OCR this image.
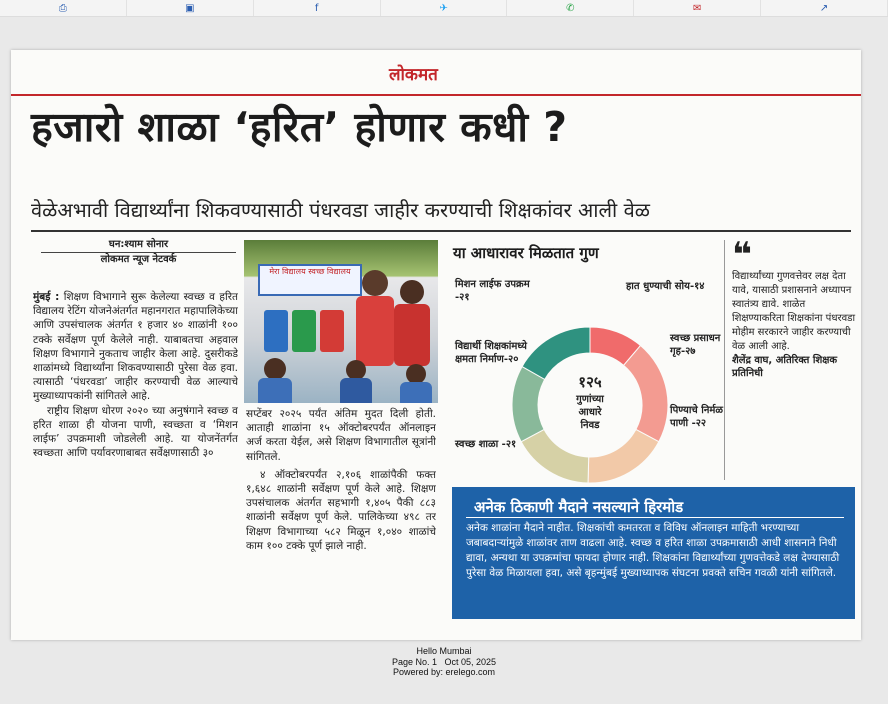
⎙	▣	f	✈	✆	✉	↗
लोकमत
हजारो शाळा ‘हरित’ होणार कधी ?
वेळेअभावी विद्यार्थ्यांना शिकवण्यासाठी पंधरवडा जाहीर करण्याची शिक्षकांवर आली वेळ
घन:श्याम सोनार
लोकमत न्यूज नेटवर्क

मुंबई : शिक्षण विभागाने सुरू केलेल्या स्वच्छ व हरित विद्यालय रेटिंग योजनेअंतर्गत महानगरात महापालिकेच्या आणि उपसंचालक अंतर्गत १ हजार ४० शाळांनी १०० टक्के सर्वेक्षण पूर्ण केलेले नाही. याबाबतचा अहवाल शिक्षण विभागाने नुकताच जाहीर केला आहे. दुसरीकडे शाळांमध्ये विद्यार्थ्यांना शिकवण्यासाठी पुरेसा वेळ हवा. त्यासाठी ‘पंधरवडा’ जाहीर करण्याची वेळ आल्याचे मुख्याध्यापकांनी सांगितले आहे.

राष्ट्रीय शिक्षण धोरण २०२० च्या अनुषंगाने स्वच्छ व हरित शाळा ही योजना पाणी, स्वच्छता व ‘मिशन लाईफ’ उपक्रमाशी जोडलेली आहे. या योजनेंतर्गत स्वच्छता आणि पर्यावरणाबाबत सर्वेक्षणासाठी ३०

मेरा विद्यालय स्वच्छ विद्यालय

सप्टेंबर २०२५ पर्यंत अंतिम मुदत दिली होती. आताही शाळांना १५ ऑक्टोबरपर्यंत ऑनलाइन अर्ज करता येईल, असे शिक्षण विभागातील सूत्रांनी सांगितले.

४ ऑक्टोबरपर्यंत २,१०६ शाळांपैकी फक्त १,६४८ शाळांनी सर्वेक्षण पूर्ण केले आहे. शिक्षण उपसंचालक अंतर्गत सहभागी १,४०५ पैकी ८८३ शाळांनी सर्वेक्षण पूर्ण केले. पालिकेच्या ४९८ तर शिक्षण विभागाच्या ५८२ मिळून १,०४० शाळांचे काम १०० टक्के पूर्ण झाले नाही.

या आधारावर मिळतात गुण
१२५
गुणांच्या
आधारे
निवड
मिशन लाईफ उपक्रम -२१
हात धुण्याची सोय-१४
विद्यार्थी शिक्षकांमध्ये क्षमता निर्माण-२०
स्वच्छ प्रसाधन गृह-२७
पिण्याचे निर्मळ पाणी -२२
स्वच्छ शाळा -२१
❝
विद्यार्थ्यांच्या गुणवत्तेवर लक्ष देता यावे, यासाठी प्रशासनाने अध्यापन स्वातंत्र्य द्यावे. शाळेत शिक्षण्याकरिता शिक्षकांना पंधरवडा मोहीम सरकारने जाहीर करण्याची वेळ आली आहे.
शैलेंद्र वाघ, अतिरिक्त शिक्षक प्रतिनिधी
अनेक ठिकाणी मैदाने नसल्याने हिरमोड
अनेक शाळांना मैदाने नाहीत. शिक्षकांची कमतरता व विविध ऑनलाइन माहिती भरण्याच्या जबाबदाऱ्यांमुळे शाळांवर ताण वाढला आहे. स्वच्छ व हरित शाळा उपक्रमासाठी आधी शासनाने निधी द्यावा, अन्यथा या उपक्रमांचा फायदा होणार नाही. शिक्षकांना विद्यार्थ्यांच्या गुणवत्तेकडे लक्ष देण्यासाठी पुरेसा वेळ मिळायला हवा, असे बृहन्मुंबई मुख्याध्यापक संघटना प्रवक्ते सचिन गवळी यांनी सांगितले.
Hello Mumbai
Page No. 1 Oct 05, 2025
Powered by: erelego.com
